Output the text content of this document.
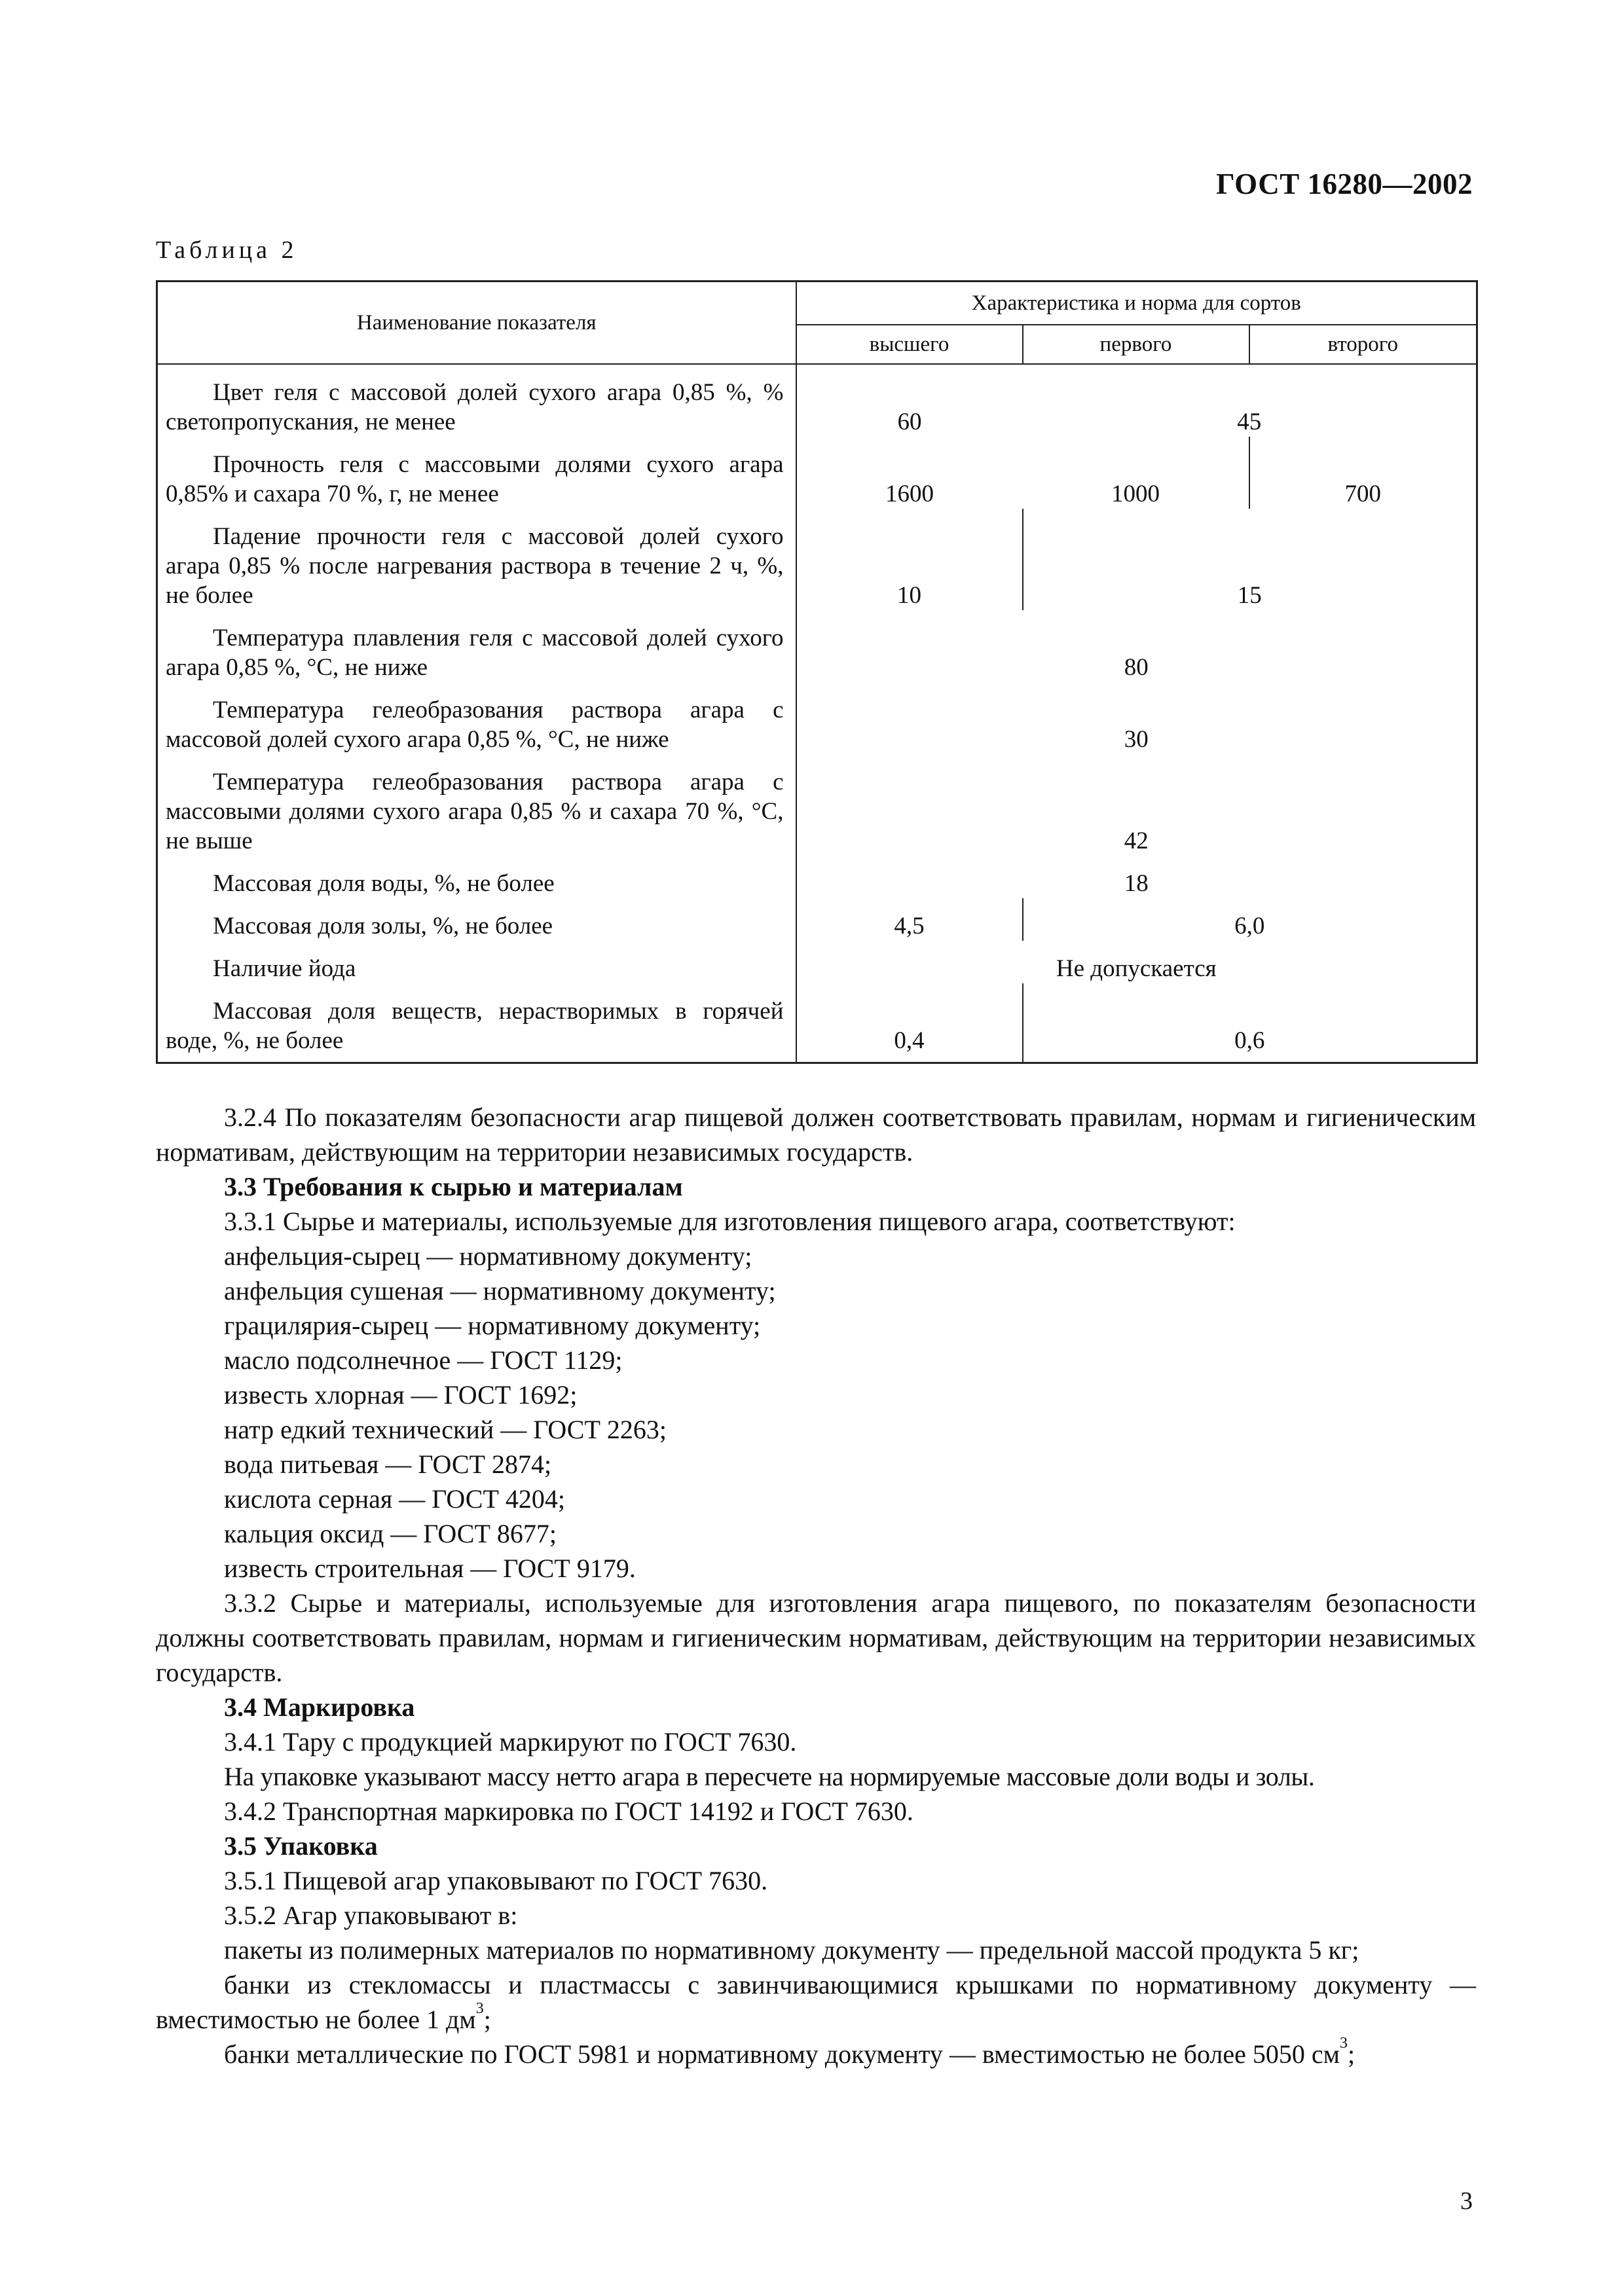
ГОСТ 16280—2002
Таблица 2
Наименование показателя	Характеристика и норма для сортов		
	высшего	первого	второго
Цвет геля с массовой долей сухого агара 0,85 %, % светопропускания, не менее	60	45	
Прочность геля с массовыми долями сухого агара 0,85% и сахара 70 %, г, не менее	1600	1000	700
Падение прочности геля с массовой долей сухого агара 0,85 % после нагревания раствора в течение 2 ч, %, не более	10	15	
Температура плавления геля с массовой долей сухого агара 0,85 %, °С, не ниже	80		
Температура гелеобразования раствора агара с массовой долей сухого агара 0,85 %, °С, не ниже	30		
Температура гелеобразования раствора агара с массовыми долями сухого агара 0,85 % и сахара 70 %, °С, не выше	42		
Массовая доля воды, %, не более	18		
Массовая доля золы, %, не более	4,5	6,0	
Наличие йода	Не допускается		
Массовая доля веществ, нерастворимых в горячей воде, %, не более	0,4	0,6	

3.2.4 По показателям безопасности агар пищевой должен соответствовать правилам, нормам и гигиеническим нормативам, действующим на территории независимых государств.

3.3 Требования к сырью и материалам

3.3.1 Сырье и материалы, используемые для изготовления пищевого агара, соответствуют:

анфельция-сырец — нормативному документу;

анфельция сушеная — нормативному документу;

грацилярия-сырец — нормативному документу;

масло подсолнечное — ГОСТ 1129;

известь хлорная — ГОСТ 1692;

натр едкий технический — ГОСТ 2263;

вода питьевая — ГОСТ 2874;

кислота серная — ГОСТ 4204;

кальция оксид — ГОСТ 8677;

известь строительная — ГОСТ 9179.

3.3.2 Сырье и материалы, используемые для изготовления агара пищевого, по показателям безопасности должны соответствовать правилам, нормам и гигиеническим нормативам, действующим на территории независимых государств.

3.4 Маркировка

3.4.1 Тару с продукцией маркируют по ГОСТ 7630.

На упаковке указывают массу нетто агара в пересчете на нормируемые массовые доли воды и золы.

3.4.2 Транспортная маркировка по ГОСТ 14192 и ГОСТ 7630.

3.5 Упаковка

3.5.1 Пищевой агар упаковывают по ГОСТ 7630.

3.5.2 Агар упаковывают в:

пакеты из полимерных материалов по нормативному документу — предельной массой продукта 5 кг;

банки из стекломассы и пластмассы с завинчивающимися крышками по нормативному документу — вместимостью не более 1 $дм^3$;

банки металлические по ГОСТ 5981 и нормативному документу — вместимостью не более 5050 $см^3$;

3
